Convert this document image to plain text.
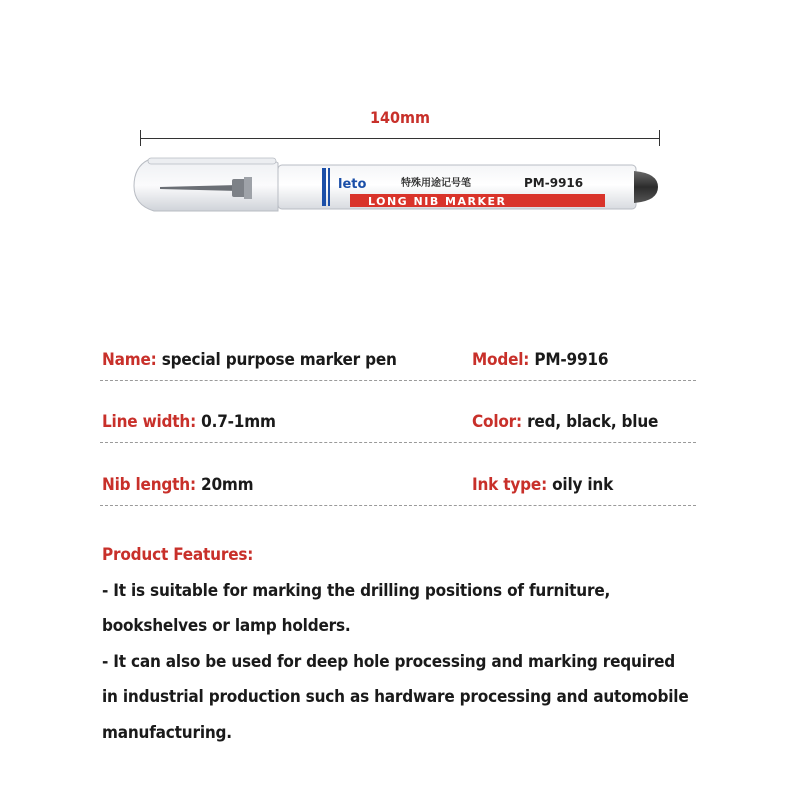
140mm
leto	特殊用途记号笔	PM-9916
LONG NIB MARKER
Name: special purpose marker pen	Model: PM-9916
Line width: 0.7-1mm	Color: red, black, blue
Nib length: 20mm	Ink type: oily ink
Product Features:
- It is suitable for marking the drilling positions of furniture,
bookshelves or lamp holders.
- It can also be used for deep hole processing and marking required
in industrial production such as hardware processing and automobile
manufacturing.
